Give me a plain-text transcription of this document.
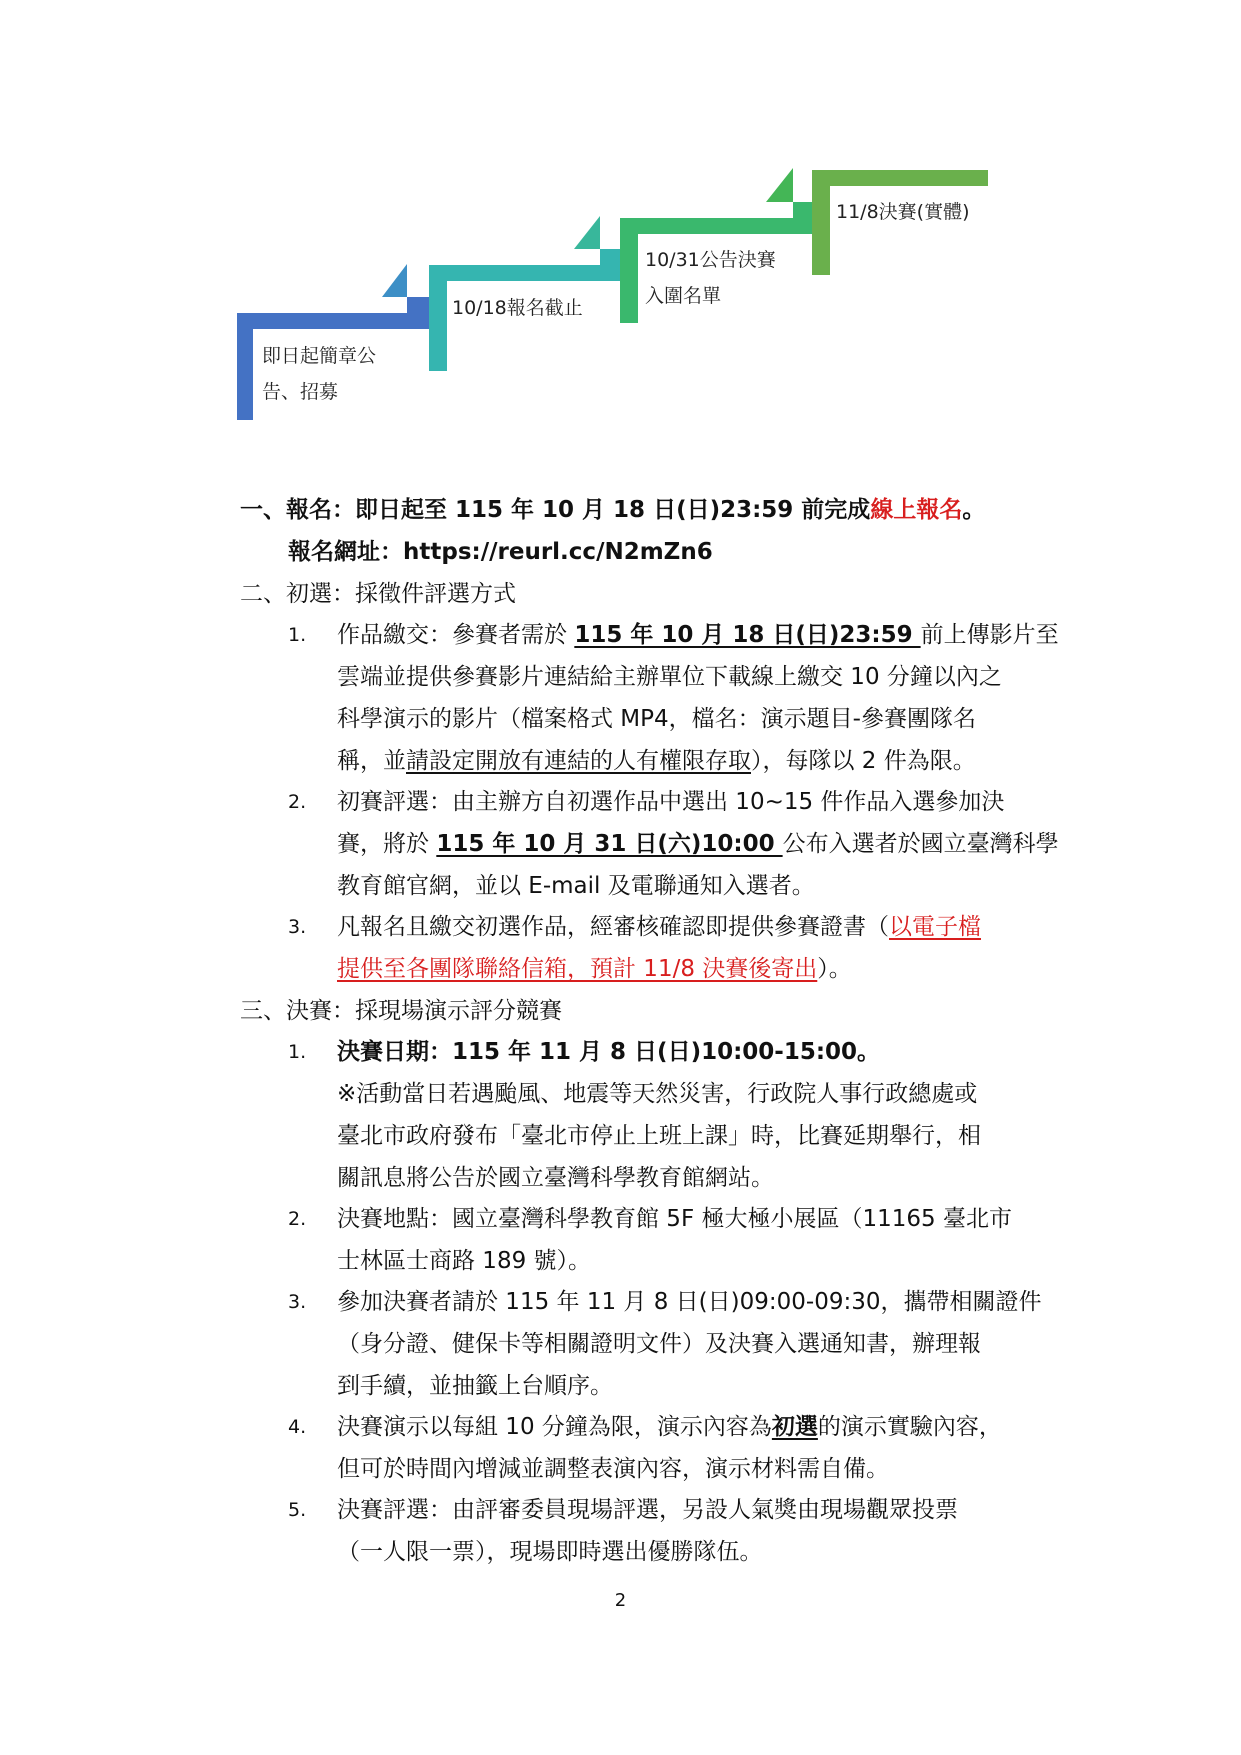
即日起簡章公
告、招募
10/18報名截止
10/31公告決賽
入圍名單
11/8決賽(實體)
一、報名：即日起至 115 年 10 月 18 日(日)23:59 前完成線上報名。
報名網址：https://reurl.cc/N2mZn6
二、初選：採徵件評選方式
1. 作品繳交：參賽者需於 115 年 10 月 18 日(日)23:59 前上傳影片至
雲端並提供參賽影片連結給主辦單位下載線上繳交 10 分鐘以內之
科學演示的影片（檔案格式 MP4，檔名：演示題目-參賽團隊名
稱，並請設定開放有連結的人有權限存取），每隊以 2 件為限。
2. 初賽評選：由主辦方自初選作品中選出 10~15 件作品入選參加決
賽，將於 115 年 10 月 31 日(六)10:00 公布入選者於國立臺灣科學
教育館官網，並以 E-mail 及電聯通知入選者。
3. 凡報名且繳交初選作品，經審核確認即提供參賽證書（以電子檔
提供至各團隊聯絡信箱，預計 11/8 決賽後寄出）。
三、決賽：採現場演示評分競賽
1. 決賽日期：115 年 11 月 8 日(日)10:00-15:00。
※活動當日若遇颱風、地震等天然災害，行政院人事行政總處或
臺北市政府發布「臺北市停止上班上課」時，比賽延期舉行，相
關訊息將公告於國立臺灣科學教育館網站。
2. 決賽地點：國立臺灣科學教育館 5F 極大極小展區（11165 臺北市
士林區士商路 189 號）。
3. 參加決賽者請於 115 年 11 月 8 日(日)09:00-09:30，攜帶相關證件
（身分證、健保卡等相關證明文件）及決賽入選通知書，辦理報
到手續，並抽籤上台順序。
4. 決賽演示以每組 10 分鐘為限，演示內容為初選的演示實驗內容，
但可於時間內增減並調整表演內容，演示材料需自備。
5. 決賽評選：由評審委員現場評選，另設人氣獎由現場觀眾投票
（一人限一票），現場即時選出優勝隊伍。
2
